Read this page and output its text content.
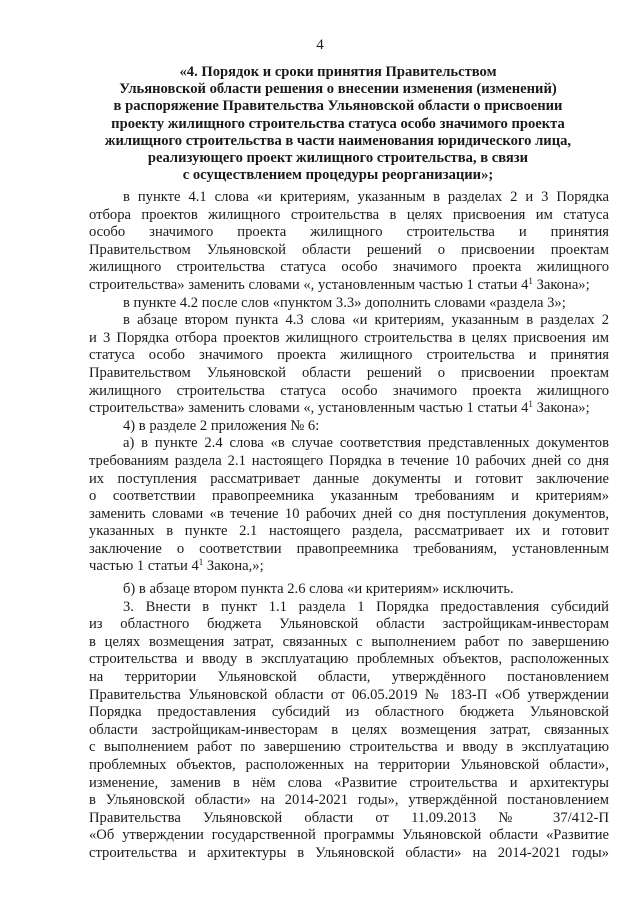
4
«4. Порядок и сроки принятия Правительством
Ульяновской области решения о внесении изменения (изменений)
в распоряжение Правительства Ульяновской области о присвоении
проекту жилищного строительства статуса особо значимого проекта
жилищного строительства в части наименования юридического лица,
реализующего проект жилищного строительства, в связи
с осуществлением процедуры реорганизации»;
в пункте 4.1 слова «и критериям, указанным в разделах 2 и 3 Порядка
отбора проектов жилищного строительства в целях присвоения им статуса
особо значимого проекта жилищного строительства и принятия
Правительством Ульяновской области решений о присвоении проектам
жилищного строительства статуса особо значимого проекта жилищного
строительства» заменить словами «, установленным частью 1 статьи $4^1$ Закона»;
в пункте 4.2 после слов «пунктом 3.3» дополнить словами «раздела 3»;
в абзаце втором пункта 4.3 слова «и критериям, указанным в разделах 2
и 3 Порядка отбора проектов жилищного строительства в целях присвоения им
статуса особо значимого проекта жилищного строительства и принятия
Правительством Ульяновской области решений о присвоении проектам
жилищного строительства статуса особо значимого проекта жилищного
строительства» заменить словами «, установленным частью 1 статьи $4^1$ Закона»;
4) в разделе 2 приложения № 6:
а) в пункте 2.4 слова «в случае соответствия представленных документов
требованиям раздела 2.1 настоящего Порядка в течение 10 рабочих дней со дня
их поступления рассматривает данные документы и готовит заключение
о соответствии правопреемника указанным требованиям и критериям»
заменить словами «в течение 10 рабочих дней со дня поступления документов,
указанных в пункте 2.1 настоящего раздела, рассматривает их и готовит
заключение о соответствии правопреемника требованиям, установленным
частью 1 статьи $4^1$ Закона,»;
б) в абзаце втором пункта 2.6 слова «и критериям» исключить.
3. Внести в пункт 1.1 раздела 1 Порядка предоставления субсидий
из областного бюджета Ульяновской области застройщикам-инвесторам
в целях возмещения затрат, связанных с выполнением работ по завершению
строительства и вводу в эксплуатацию проблемных объектов, расположенных
на территории Ульяновской области, утверждённого постановлением
Правительства Ульяновской области от 06.05.2019 № 183-П «Об утверждении
Порядка предоставления субсидий из областного бюджета Ульяновской
области застройщикам-инвесторам в целях возмещения затрат, связанных
с выполнением работ по завершению строительства и вводу в эксплуатацию
проблемных объектов, расположенных на территории Ульяновской области»,
изменение, заменив в нём слова «Развитие строительства и архитектуры
в Ульяновской области» на 2014-2021 годы», утверждённой постановлением
Правительства Ульяновской области от 11.09.2013 № 37/412-П
«Об утверждении государственной программы Ульяновской области «Развитие
строительства и архитектуры в Ульяновской области» на 2014-2021 годы»
